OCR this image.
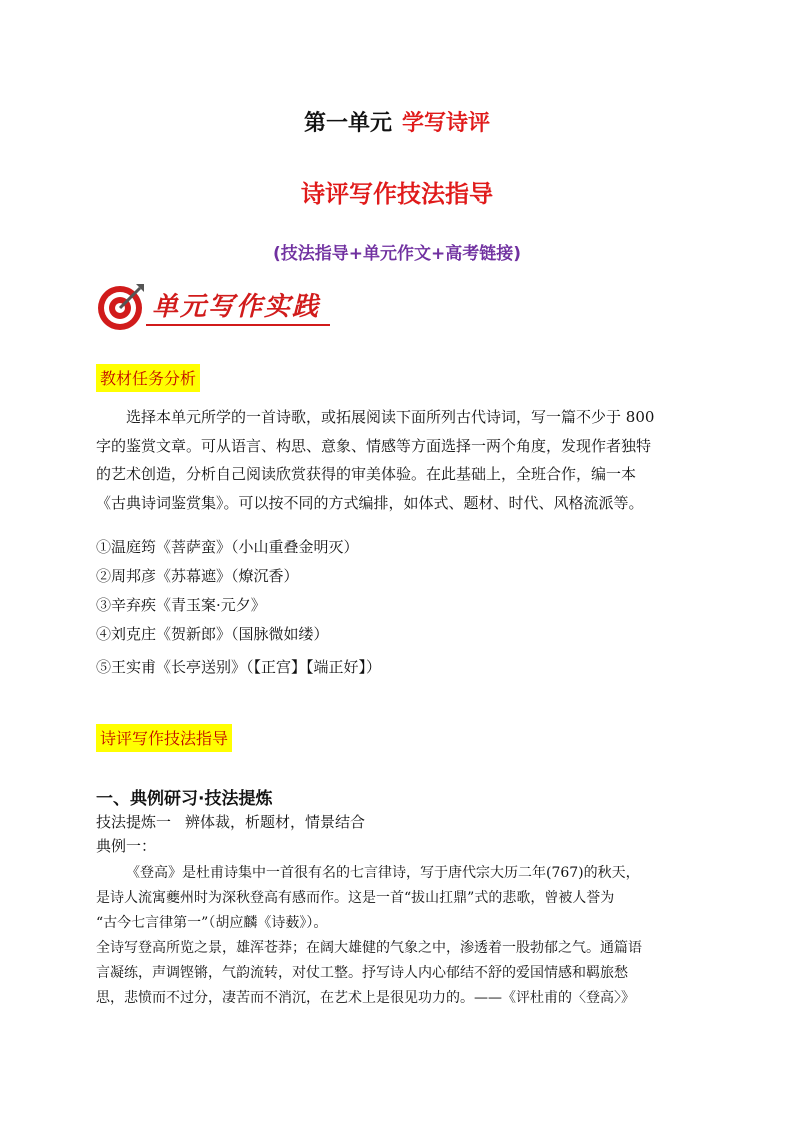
第一单元 学写诗评
诗评写作技法指导
(技法指导+单元作文+高考链接)
单元写作实践
教材任务分析

选择本单元所学的一首诗歌，或拓展阅读下面所列古代诗词，写一篇不少于 800

字的鉴赏文章。可从语言、构思、意象、情感等方面选择一两个角度，发现作者独特

的艺术创造，分析自己阅读欣赏获得的审美体验。在此基础上，全班合作，编一本

《古典诗词鉴赏集》。可以按不同的方式编排，如体式、题材、时代、风格流派等。

①温庭筠《菩萨蛮》（小山重叠金明灭）
②周邦彦《苏幕遮》（燎沉香）
③辛弃疾《青玉案·元夕》
④刘克庄《贺新郎》（国脉微如缕）
⑤王实甫《长亭送别》（【正宫】【端正好】）
诗评写作技法指导
一、典例研习·技法提炼
技法提炼一 辨体裁，析题材，情景结合
典例一：

《登高》是杜甫诗集中一首很有名的七言律诗，写于唐代宗大历二年(767)的秋天，

是诗人流寓夔州时为深秋登高有感而作。这是一首“拔山扛鼎”式的悲歌，曾被人誉为

“古今七言律第一”（胡应麟《诗薮》）。

全诗写登高所览之景，雄浑苍莽；在阔大雄健的气象之中，渗透着一股勃郁之气。通篇语

言凝练，声调铿锵，气韵流转，对仗工整。抒写诗人内心郁结不舒的爱国情感和羁旅愁

思，悲愤而不过分，凄苦而不消沉，在艺术上是很见功力的。——《评杜甫的〈登高〉》
